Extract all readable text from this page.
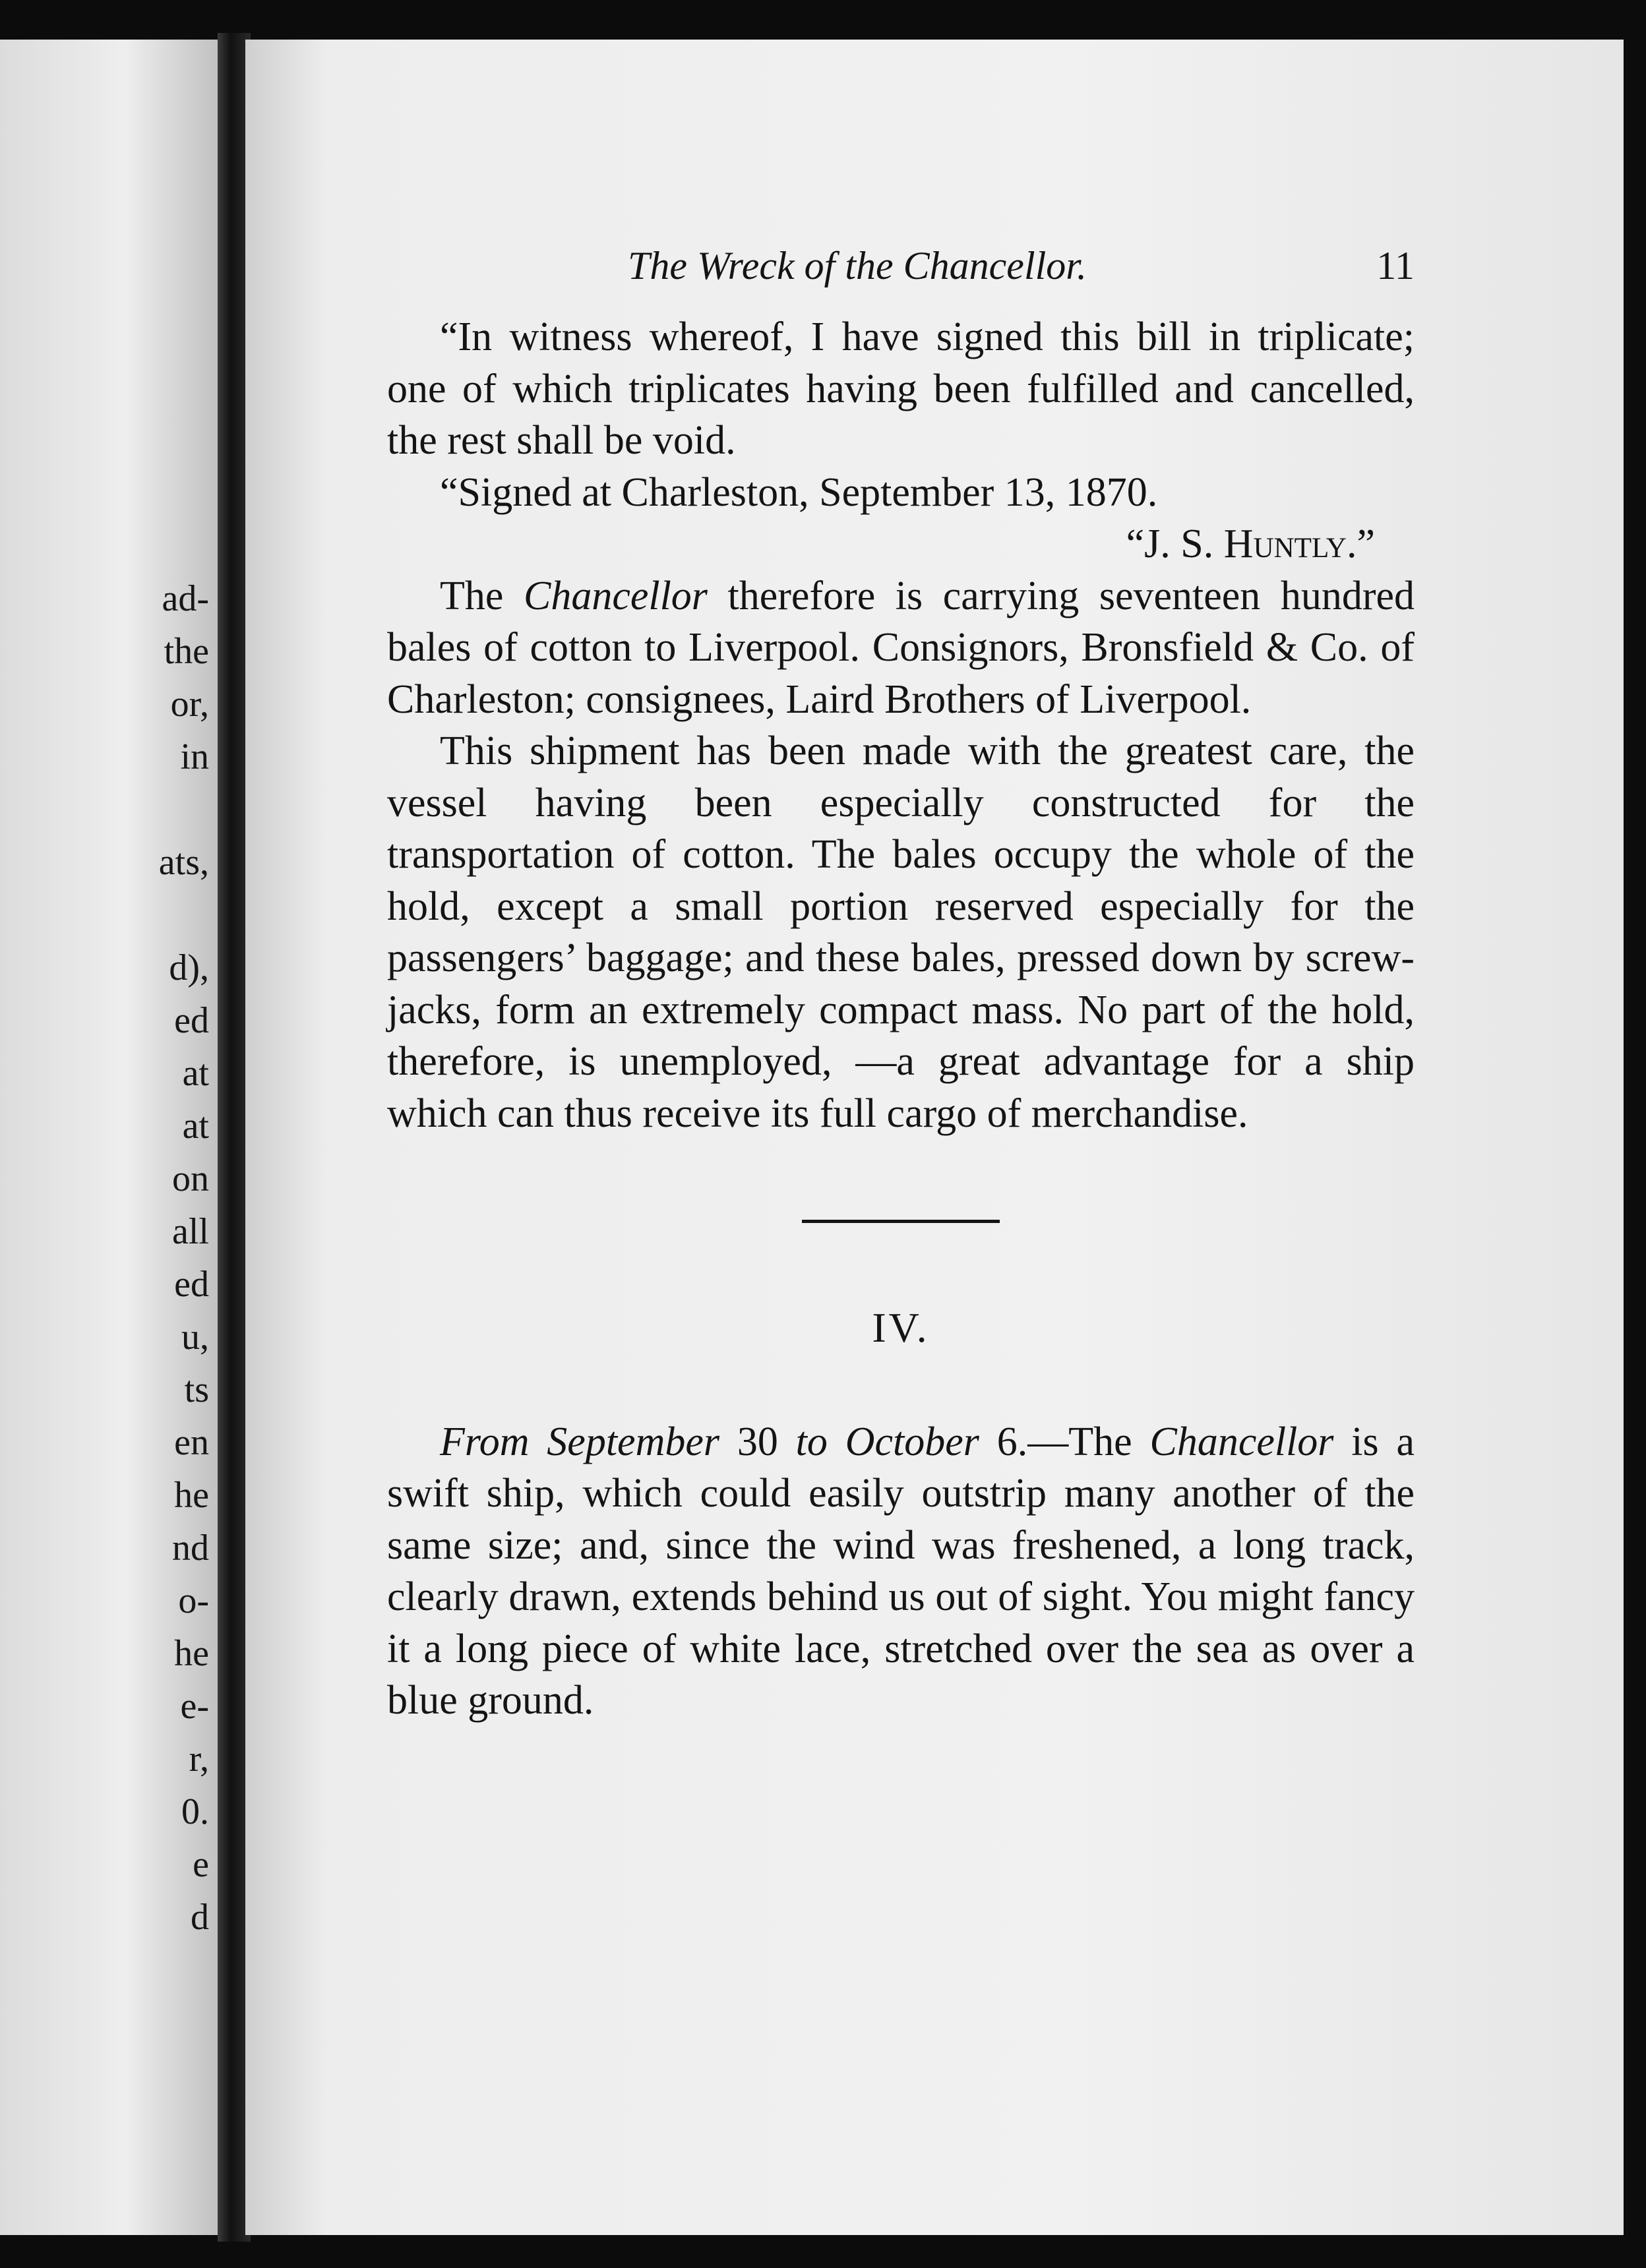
ad-
the
or,
in

ats,

d),
ed
at
at
on
all
ed
u,
ts
en
he
nd
o-
he
e-
r,
0.
e
d
The Wreck of the Chancellor.	11

“In witness whereof, I have signed this bill in triplicate; one of which triplicates having been fulfilled and cancelled, the rest shall be void.

“Signed at Charleston, September 13, 1870.

“J. S. Huntly.”

The Chancellor therefore is carrying seventeen hundred bales of cotton to Liverpool. Consignors, Bronsfield & Co. of Charleston; consignees, Laird Brothers of Liverpool.

This shipment has been made with the greatest care, the vessel having been especially constructed for the transportation of cotton. The bales occupy the whole of the hold, except a small portion reserved especially for the passengers’ baggage; and these bales, pressed down by screw-jacks, form an extremely compact mass. No part of the hold, therefore, is unemployed, —a great advantage for a ship which can thus receive its full cargo of merchandise.

IV.

From September 30 to October 6.—The Chancellor is a swift ship, which could easily outstrip many another of the same size; and, since the wind was freshened, a long track, clearly drawn, extends behind us out of sight. You might fancy it a long piece of white lace, stretched over the sea as over a blue ground.
